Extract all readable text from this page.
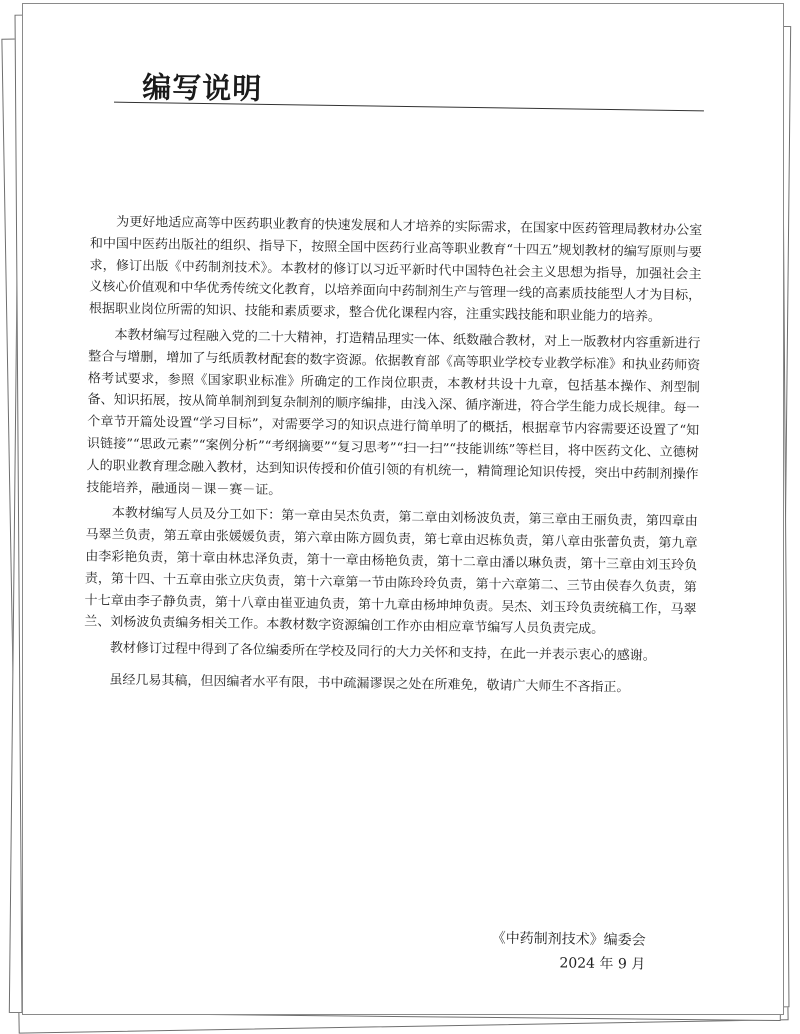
编写说明

为更好地适应高等中医药职业教育的快速发展和人才培养的实际需求，在国家中医药管理局教材办公室和中国中医药出版社的组织、指导下，按照全国中医药行业高等职业教育“十四五”规划教材的编写原则与要求，修订出版《中药制剂技术》。本教材的修订以习近平新时代中国特色社会主义思想为指导，加强社会主义核心价值观和中华优秀传统文化教育，以培养面向中药制剂生产与管理一线的高素质技能型人才为目标，根据职业岗位所需的知识、技能和素质要求，整合优化课程内容，注重实践技能和职业能力的培养。

本教材编写过程融入党的二十大精神，打造精品理实一体、纸数融合教材，对上一版教材内容重新进行整合与增删，增加了与纸质教材配套的数字资源。依据教育部《高等职业学校专业教学标准》和执业药师资格考试要求，参照《国家职业标准》所确定的工作岗位职责，本教材共设十九章，包括基本操作、剂型制备、知识拓展，按从简单制剂到复杂制剂的顺序编排，由浅入深、循序渐进，符合学生能力成长规律。每一个章节开篇处设置“学习目标”，对需要学习的知识点进行简单明了的概括，根据章节内容需要还设置了“知识链接”“思政元素”“案例分析”“考纲摘要”“复习思考”“扫一扫”“技能训练”等栏目，将中医药文化、立德树人的职业教育理念融入教材，达到知识传授和价值引领的有机统一，精简理论知识传授，突出中药制剂操作技能培养，融通岗－课－赛－证。

本教材编写人员及分工如下：第一章由吴杰负责，第二章由刘杨波负责，第三章由王丽负责，第四章由马翠兰负责，第五章由张媛媛负责，第六章由陈方圆负责，第七章由迟栋负责，第八章由张蕾负责，第九章由李彩艳负责，第十章由林忠泽负责，第十一章由杨艳负责，第十二章由潘以琳负责，第十三章由刘玉玲负责，第十四、十五章由张立庆负责，第十六章第一节由陈玲玲负责，第十六章第二、三节由侯春久负责，第十七章由李子静负责，第十八章由崔亚迪负责，第十九章由杨坤坤负责。吴杰、刘玉玲负责统稿工作，马翠兰、刘杨波负责编务相关工作。本教材数字资源编创工作亦由相应章节编写人员负责完成。

教材修订过程中得到了各位编委所在学校及同行的大力关怀和支持，在此一并表示衷心的感谢。

虽经几易其稿，但因编者水平有限，书中疏漏谬误之处在所难免，敬请广大师生不吝指正。

《中药制剂技术》编委会
2024 年 9 月
